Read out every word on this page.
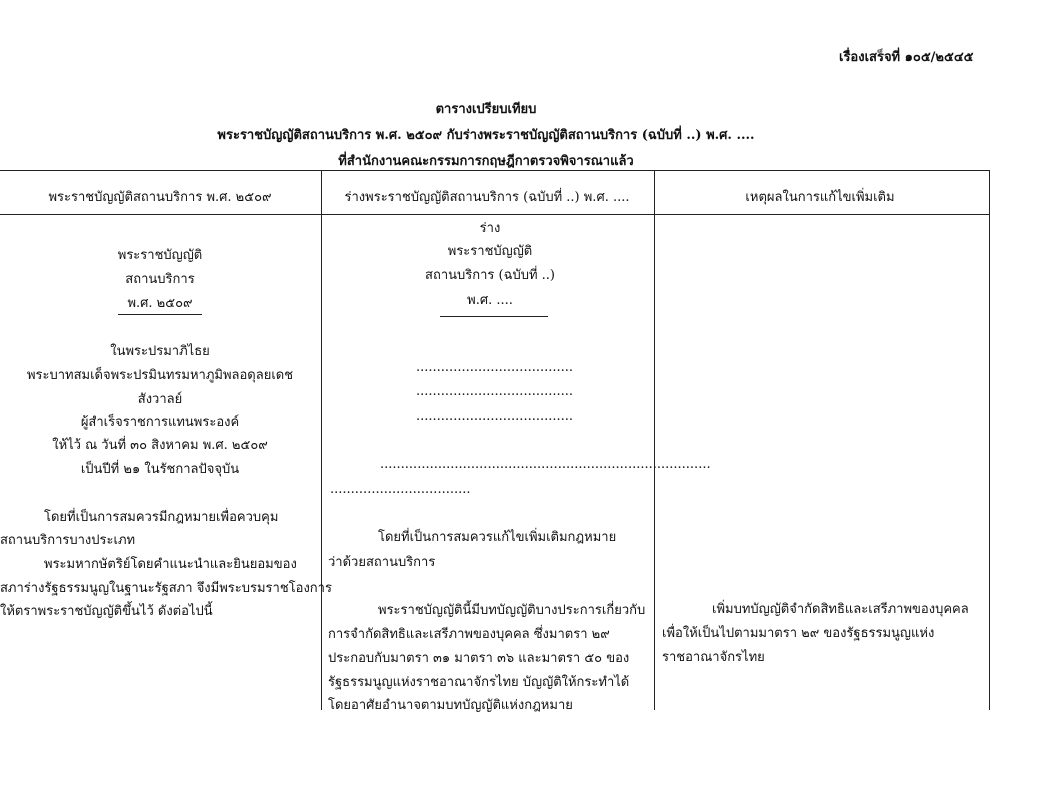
เรื่องเสร็จที่ ๑๐๕/๒๕๔๕
ตารางเปรียบเทียบ
พระราชบัญญัติสถานบริการ พ.ศ. ๒๕๐๙ กับร่างพระราชบัญญัติสถานบริการ (ฉบับที่ ..) พ.ศ. ....
ที่สำนักงานคณะกรรมการกฤษฎีกาตรวจพิจารณาแล้ว
พระราชบัญญัติสถานบริการ พ.ศ. ๒๕๐๙	ร่างพระราชบัญญัติสถานบริการ (ฉบับที่ ..) พ.ศ. ....	เหตุผลในการแก้ไขเพิ่มเติม
พระราชบัญญัติ
สถานบริการ
พ.ศ. ๒๕๐๙
ในพระปรมาภิไธย
พระบาทสมเด็จพระปรมินทรมหาภูมิพลอดุลยเดช
สังวาลย์
ผู้สำเร็จราชการแทนพระองค์
ให้ไว้ ณ วันที่ ๓๐ สิงหาคม พ.ศ. ๒๕๐๙
เป็นปีที่ ๒๑ ในรัชกาลปัจจุบัน
โดยที่เป็นการสมควรมีกฎหมายเพื่อควบคุม
สถานบริการบางประเภท
พระมหากษัตริย์โดยคำแนะนำและยินยอมของ
สภาร่างรัฐธรรมนูญในฐานะรัฐสภา จึงมีพระบรมราชโองการ
ให้ตราพระราชบัญญัติขึ้นไว้ ดังต่อไปนี้
ร่าง
พระราชบัญญัติ
สถานบริการ (ฉบับที่ ..)
พ.ศ. ....
......................................
......................................
......................................
................................................................................
..................................
โดยที่เป็นการสมควรแก้ไขเพิ่มเติมกฎหมาย
ว่าด้วยสถานบริการ
พระราชบัญญัตินี้มีบทบัญญัติบางประการเกี่ยวกับ
การจำกัดสิทธิและเสรีภาพของบุคคล ซึ่งมาตรา ๒๙
ประกอบกับมาตรา ๓๑ มาตรา ๓๖ และมาตรา ๕๐ ของ
รัฐธรรมนูญแห่งราชอาณาจักรไทย บัญญัติให้กระทำได้
โดยอาศัยอำนาจตามบทบัญญัติแห่งกฎหมาย
เพิ่มบทบัญญัติจำกัดสิทธิและเสรีภาพของบุคคล
เพื่อให้เป็นไปตามมาตรา ๒๙ ของรัฐธรรมนูญแห่ง
ราชอาณาจักรไทย
